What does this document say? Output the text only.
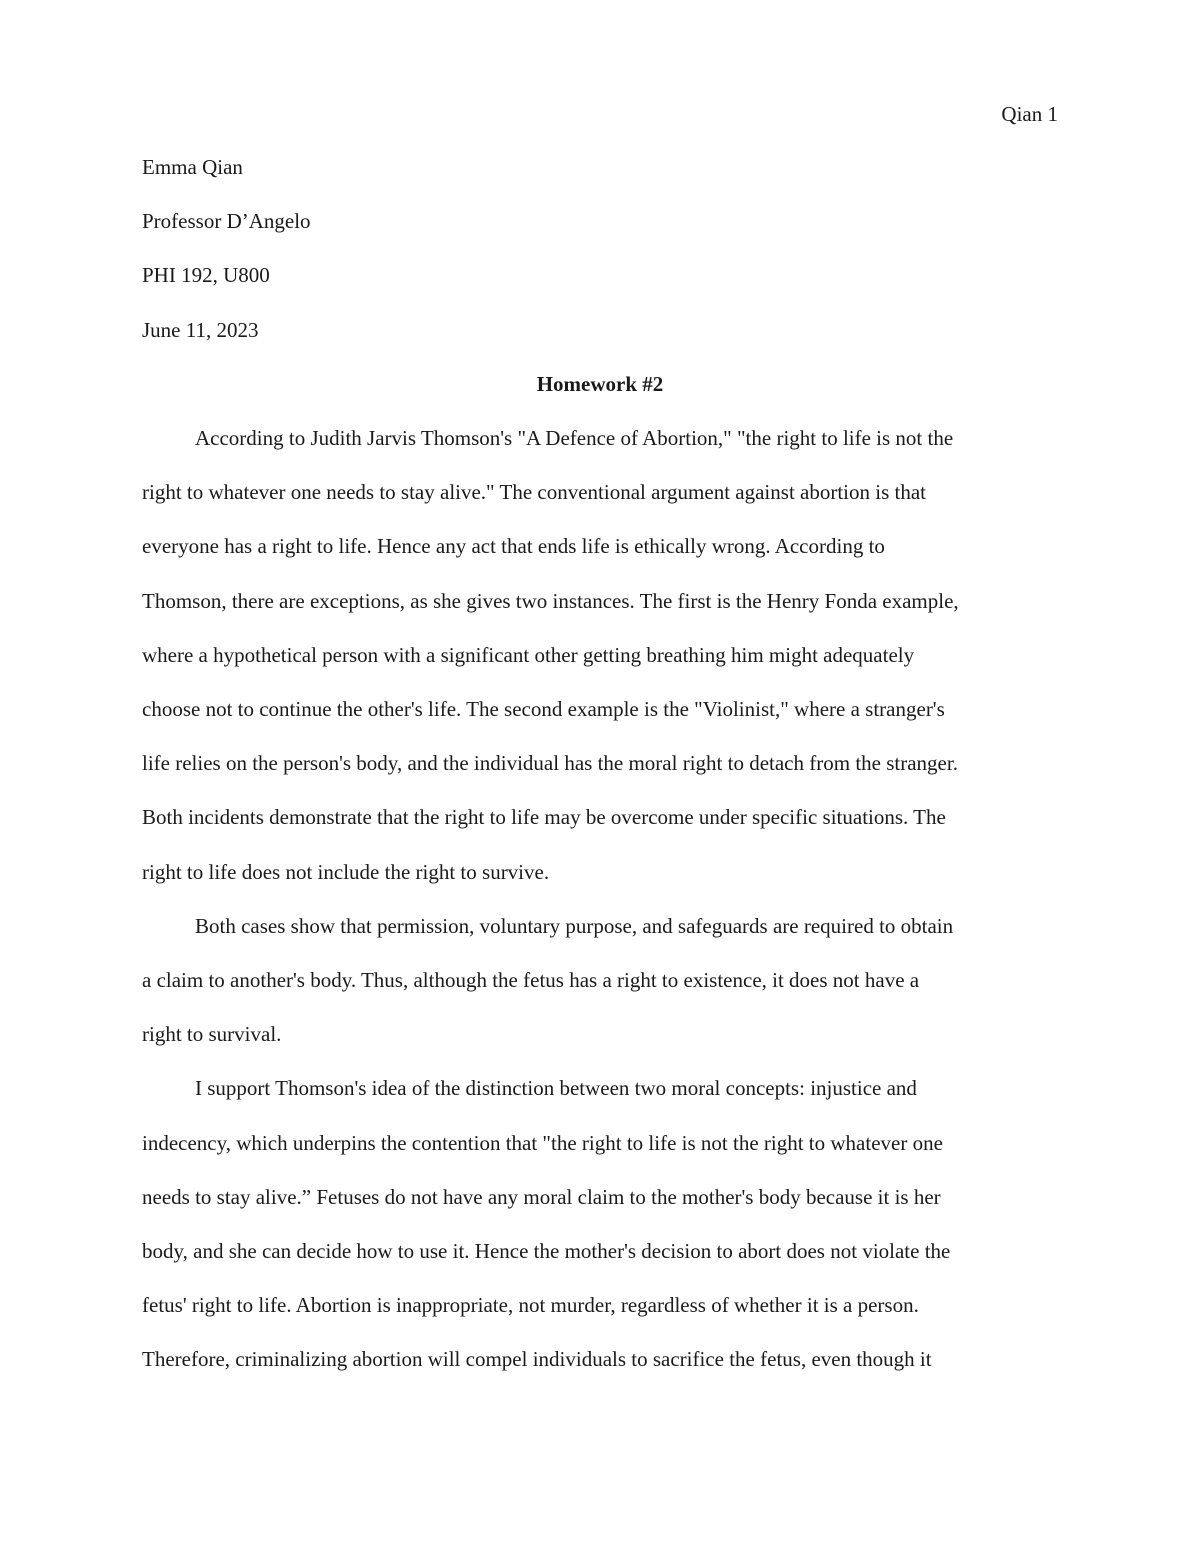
Qian 1
Emma Qian
Professor D’Angelo
PHI 192, U800
June 11, 2023
Homework #2
According to Judith Jarvis Thomson's "A Defence of Abortion," "the right to life is not the
right to whatever one needs to stay alive." The conventional argument against abortion is that
everyone has a right to life. Hence any act that ends life is ethically wrong. According to
Thomson, there are exceptions, as she gives two instances. The first is the Henry Fonda example,
where a hypothetical person with a significant other getting breathing him might adequately
choose not to continue the other's life. The second example is the "Violinist," where a stranger's
life relies on the person's body, and the individual has the moral right to detach from the stranger.
Both incidents demonstrate that the right to life may be overcome under specific situations. The
right to life does not include the right to survive.
Both cases show that permission, voluntary purpose, and safeguards are required to obtain
a claim to another's body. Thus, although the fetus has a right to existence, it does not have a
right to survival.
I support Thomson's idea of the distinction between two moral concepts: injustice and
indecency, which underpins the contention that "the right to life is not the right to whatever one
needs to stay alive.” Fetuses do not have any moral claim to the mother's body because it is her
body, and she can decide how to use it. Hence the mother's decision to abort does not violate the
fetus' right to life. Abortion is inappropriate, not murder, regardless of whether it is a person.
Therefore, criminalizing abortion will compel individuals to sacrifice the fetus, even though it
